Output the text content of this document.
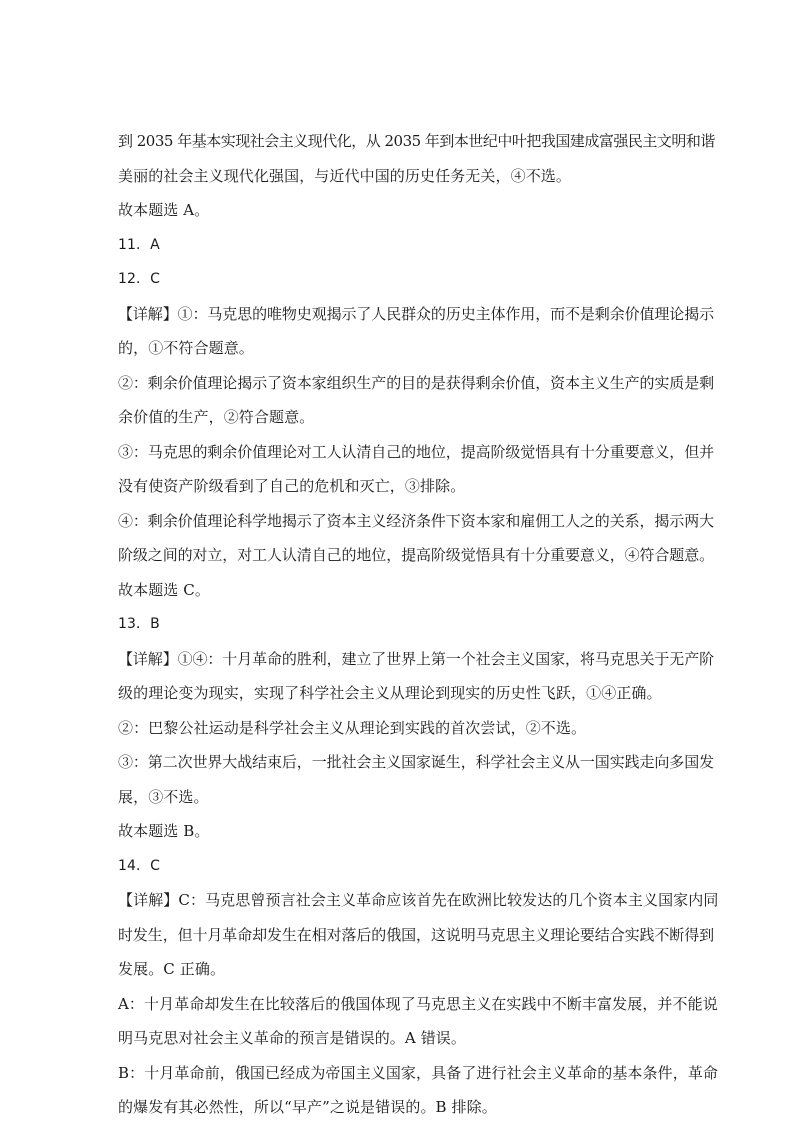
到 2035 年基本实现社会主义现代化，从 2035 年到本世纪中叶把我国建成富强民主文明和谐
美丽的社会主义现代化强国，与近代中国的历史任务无关，④不选。
故本题选 A。
11．A
12．C
【详解】①：马克思的唯物史观揭示了人民群众的历史主体作用，而不是剩余价值理论揭示
的，①不符合题意。
②：剩余价值理论揭示了资本家组织生产的目的是获得剩余价值，资本主义生产的实质是剩
余价值的生产，②符合题意。
③：马克思的剩余价值理论对工人认清自己的地位，提高阶级觉悟具有十分重要意义，但并
没有使资产阶级看到了自己的危机和灭亡，③排除。
④：剩余价值理论科学地揭示了资本主义经济条件下资本家和雇佣工人之的关系，揭示两大
阶级之间的对立，对工人认清自己的地位，提高阶级觉悟具有十分重要意义，④符合题意。
故本题选 C。
13．B
【详解】①④：十月革命的胜利，建立了世界上第一个社会主义国家，将马克思关于无产阶
级的理论变为现实，实现了科学社会主义从理论到现实的历史性飞跃，①④正确。
②：巴黎公社运动是科学社会主义从理论到实践的首次尝试，②不选。
③：第二次世界大战结束后，一批社会主义国家诞生，科学社会主义从一国实践走向多国发
展，③不选。
故本题选 B。
14．C
【详解】C：马克思曾预言社会主义革命应该首先在欧洲比较发达的几个资本主义国家内同
时发生，但十月革命却发生在相对落后的俄国，这说明马克思主义理论要结合实践不断得到
发展。C 正确。
A：十月革命却发生在比较落后的俄国体现了马克思主义在实践中不断丰富发展，并不能说
明马克思对社会主义革命的预言是错误的。A 错误。
B：十月革命前，俄国已经成为帝国主义国家，具备了进行社会主义革命的基本条件，革命
的爆发有其必然性，所以“早产”之说是错误的。B 排除。
